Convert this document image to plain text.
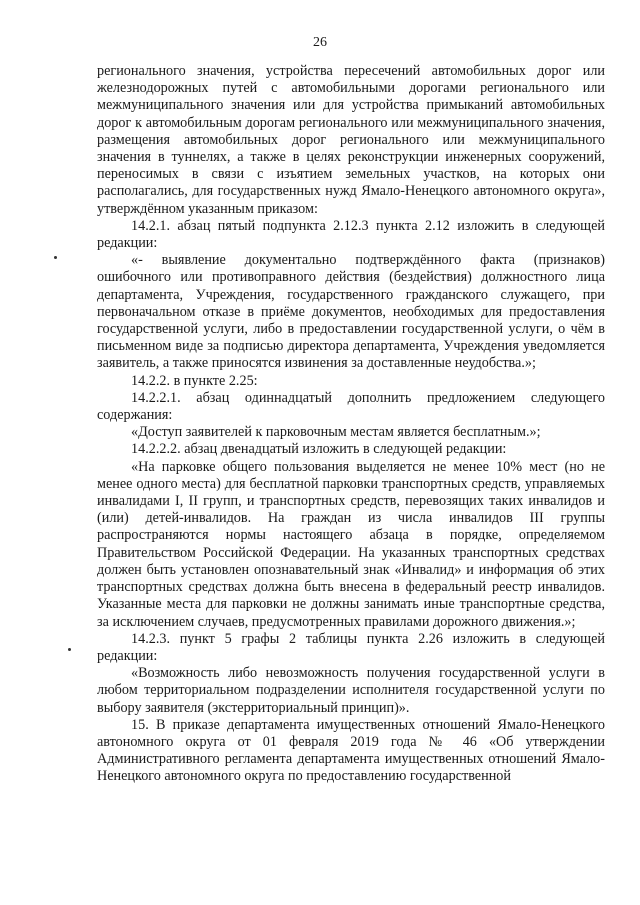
26

регионального значения, устройства пересечений автомобильных дорог или железнодорожных путей с автомобильными дорогами регионального или межмуниципального значения или для устройства примыканий автомобильных дорог к автомобильным дорогам регионального или межмуниципального значения, размещения автомобильных дорог регионального или межмуниципального значения в туннелях, а также в целях реконструкции инженерных сооружений, переносимых в связи с изъятием земельных участков, на которых они располагались, для государственных нужд Ямало-Ненецкого автономного округа», утверждённом указанным приказом:

14.2.1. абзац пятый подпункта 2.12.3 пункта 2.12 изложить в следующей редакции:

«- выявление документально подтверждённого факта (признаков) ошибочного или противоправного действия (бездействия) должностного лица департамента, Учреждения, государственного гражданского служащего, при первоначальном отказе в приёме документов, необходимых для предоставления государственной услуги, либо в предоставлении государственной услуги, о чём в письменном виде за подписью директора департамента, Учреждения уведомляется заявитель, а также приносятся извинения за доставленные неудобства.»;

14.2.2. в пункте 2.25:

14.2.2.1. абзац одиннадцатый дополнить предложением следующего содержания:

«Доступ заявителей к парковочным местам является бесплатным.»;

14.2.2.2. абзац двенадцатый изложить в следующей редакции:

«На парковке общего пользования выделяется не менее 10% мест (но не менее одного места) для бесплатной парковки транспортных средств, управляемых инвалидами I, II групп, и транспортных средств, перевозящих таких инвалидов и (или) детей-инвалидов. На граждан из числа инвалидов III группы распространяются нормы настоящего абзаца в порядке, определяемом Правительством Российской Федерации. На указанных транспортных средствах должен быть установлен опознавательный знак «Инвалид» и информация об этих транспортных средствах должна быть внесена в федеральный реестр инвалидов. Указанные места для парковки не должны занимать иные транспортные средства, за исключением случаев, предусмотренных правилами дорожного движения.»;

14.2.3. пункт 5 графы 2 таблицы пункта 2.26 изложить в следующей редакции:

«Возможность либо невозможность получения государственной услуги в любом территориальном подразделении исполнителя государственной услуги по выбору заявителя (экстерриториальный принцип)».

15. В приказе департамента имущественных отношений Ямало-Ненецкого автономного округа от 01 февраля 2019 года № 46 «Об утверждении Административного регламента департамента имущественных отношений Ямало-Ненецкого автономного округа по предоставлению государственной
